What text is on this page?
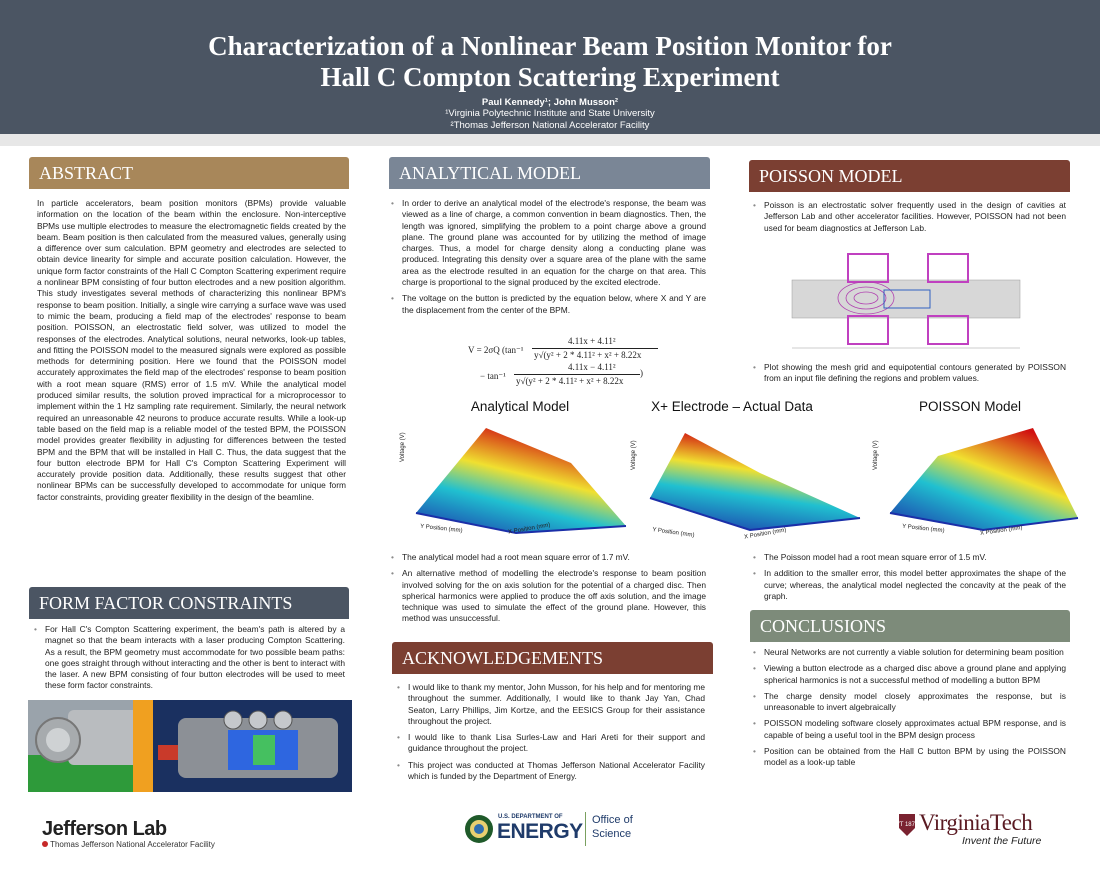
Characterization of a Nonlinear Beam Position Monitor for
Hall C Compton Scattering Experiment
Paul Kennedy¹; John Musson²
¹Virginia Polytechnic Institute and State University
²Thomas Jefferson National Accelerator Facility
ABSTRACT

In particle accelerators, beam position monitors (BPMs) provide valuable information on the location of the beam within the enclosure. Non-interceptive BPMs use multiple electrodes to measure the electromagnetic fields created by the beam. Beam position is then calculated from the measured values, generally using a difference over sum calculation. BPM geometry and electrodes are selected to obtain device linearity for simple and accurate position calculation. However, the unique form factor constraints of the Hall C Compton Scattering experiment require a nonlinear BPM consisting of four button electrodes and a new position algorithm. This study investigates several methods of characterizing this nonlinear BPM's response to beam position. Initially, a single wire carrying a surface wave was used to mimic the beam, producing a field map of the electrodes' response to beam position. POISSON, an electrostatic field solver, was utilized to model the responses of the electrodes. Analytical solutions, neural networks, look-up tables, and fitting the POISSON model to the measured signals were explored as possible methods for determining position. Here we found that the POISSON model accurately approximates the field map of the electrodes' response to beam position with a root mean square (RMS) error of 1.5 mV. While the analytical model produced similar results, the solution proved impractical for a microprocessor to implement within the 1 Hz sampling rate requirement. Similarly, the neural network required an unreasonable 42 neurons to produce accurate results. While a look-up table based on the field map is a reliable model of the tested BPM, the POISSON model provides greater flexibility in adjusting for differences between the tested BPM and the BPM that will be installed in Hall C. Thus, the data suggest that the four button electrode BPM for Hall C's Compton Scattering Experiment will accurately provide position data. Additionally, these results suggest that other nonlinear BPMs can be successfully developed to accommodate for unique form factor constraints, providing greater flexibility in the design of the beamline.

FORM FACTOR CONSTRAINTS
• For Hall C's Compton Scattering experiment, the beam's path is altered by a magnet so that the beam interacts with a laser producing Compton Scattering. As a result, the BPM geometry must accommodate for two possible beam paths: one goes straight through without interacting and the other is bent to interact with the laser. A new BPM consisting of four button electrodes will be used to meet these form factor constraints.
ANALYTICAL MODEL
• In order to derive an analytical model of the electrode's response, the beam was viewed as a line of charge, a common convention in beam diagnostics. Then, the length was ignored, simplifying the problem to a point charge above a ground plane. The ground plane was accounted for by utilizing the method of image charges. Thus, a model for charge density along a conducting plane was produced. Integrating this density over a square area of the plane with the same area as the electrode resulted in an equation for the charge on that area. This charge is proportional to the signal produced by the excited electrode.
• The voltage on the button is predicted by the equation below, where X and Y are the displacement from the center of the BPM.
V = 2σQ (tan⁻¹
4.11x + 4.11²
y√(y² + 2 * 4.11² + x² + 8.22x
− tan⁻¹
4.11x − 4.11²
y√(y² + 2 * 4.11² + x² + 8.22x
)
POISSON MODEL
• Poisson is an electrostatic solver frequently used in the design of cavities at Jefferson Lab and other accelerator facilities. However, POISSON had not been used for beam diagnostics at Jefferson Lab.
• Plot showing the mesh grid and equipotential contours generated by POISSON from an input file defining the regions and problem values.
Analytical Model	X+ Electrode – Actual Data	POISSON Model
Voltage (V)	Voltage (V)	Voltage (V)
Y Position (mm)	X Position (mm)	Y Position (mm)	X Position (mm)	Y Position (mm)	X Position (mm)
• The analytical model had a root mean square error of 1.7 mV.
• An alternative method of modelling the electrode's response to beam position involved solving for the on axis solution for the potential of a charged disc. Then spherical harmonics were applied to produce the off axis solution, and the image technique was used to simulate the effect of the ground plane. However, this method was unsuccessful.
• The Poisson model had a root mean square error of 1.5 mV.
• In addition to the smaller error, this model better approximates the shape of the curve; whereas, the analytical model neglected the concavity at the peak of the graph.
ACKNOWLEDGEMENTS
• I would like to thank my mentor, John Musson, for his help and for mentoring me throughout the summer. Additionally, I would like to thank Jay Yan, Chad Seaton, Larry Phillips, Jim Kortze, and the EESICS Group for their assistance throughout the project.
• I would like to thank Lisa Surles-Law and Hari Areti for their support and guidance throughout the project.
• This project was conducted at Thomas Jefferson National Accelerator Facility which is funded by the Department of Energy.
CONCLUSIONS
• Neural Networks are not currently a viable solution for determining beam position
• Viewing a button electrode as a charged disc above a ground plane and applying spherical harmonics is not a successful method of modelling a button BPM
• The charge density model closely approximates the response, but is unreasonable to invert algebraically
• POISSON modeling software closely approximates actual BPM response, and is capable of being a useful tool in the BPM design process
• Position can be obtained from the Hall C button BPM by using the POISSON model as a look-up table
Jefferson Lab
Thomas Jefferson National Accelerator Facility
U.S. DEPARTMENT OF
ENERGY Office of
Science
VT 1872 VirginiaTech
Invent the Future
